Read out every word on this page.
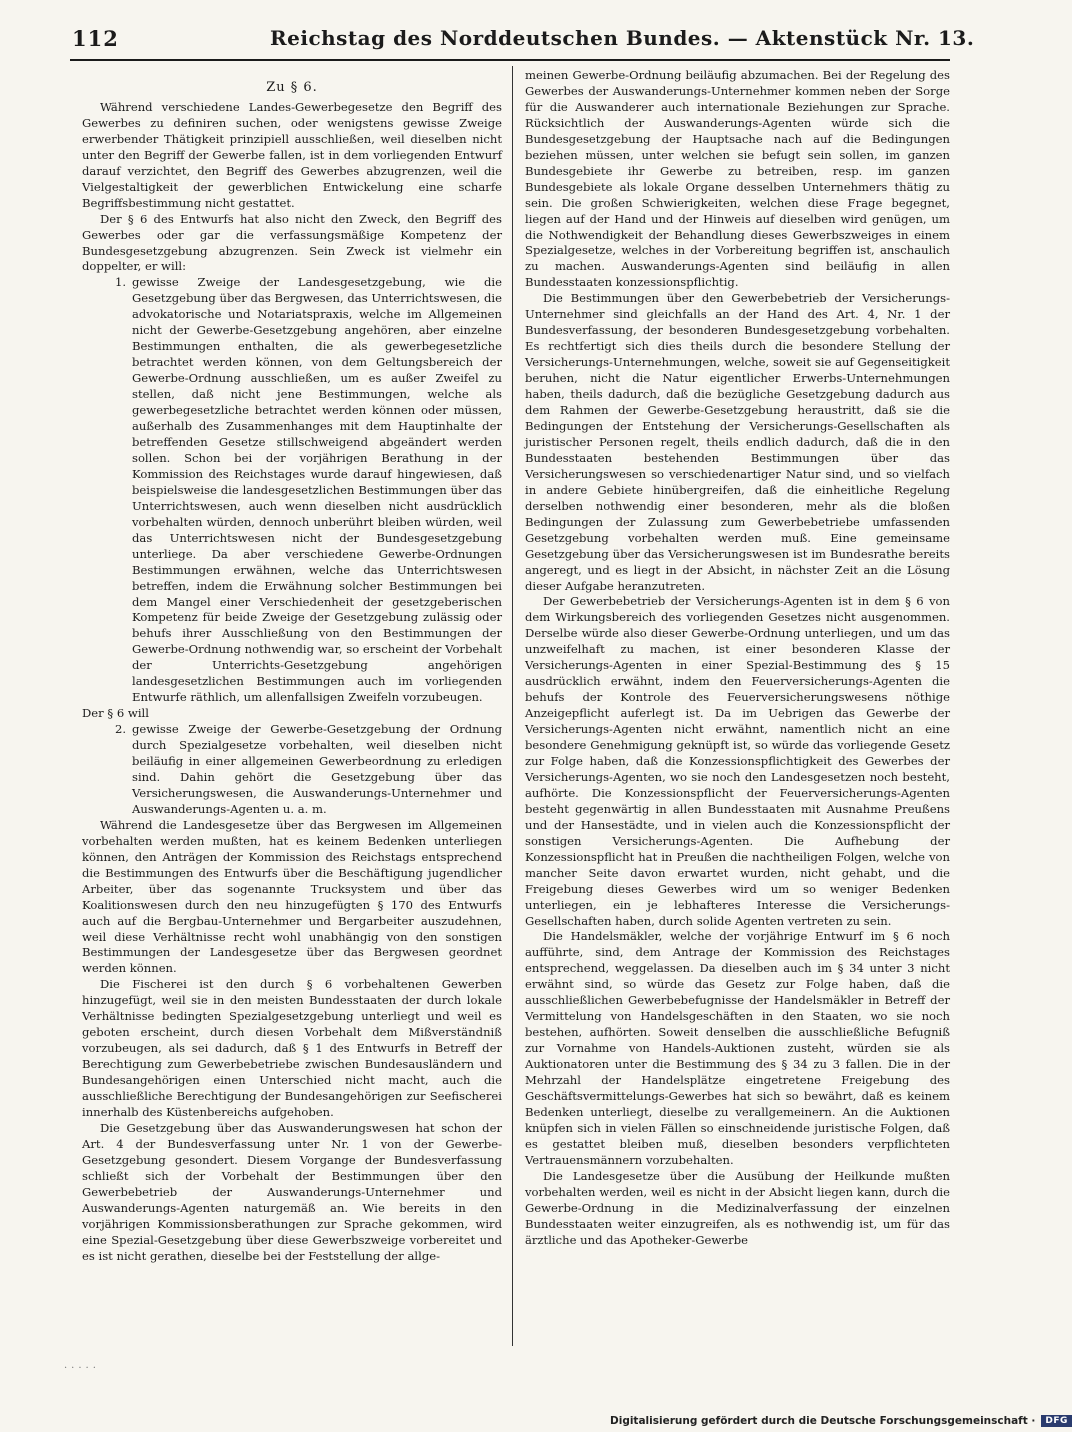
112	Reichstag des Norddeutschen Bundes. — Aktenstück Nr. 13.
Zu § 6.

Während verschiedene Landes-Gewerbegesetze den Begriff des Gewerbes zu definiren suchen, oder wenigstens gewisse Zweige erwerbender Thätigkeit prinzipiell ausschließen, weil dieselben nicht unter den Begriff der Gewerbe fallen, ist in dem vorliegenden Entwurf darauf verzichtet, den Begriff des Gewerbes abzugrenzen, weil die Vielgestaltigkeit der gewerblichen Entwickelung eine scharfe Begriffsbestimmung nicht gestattet.

Der § 6 des Entwurfs hat also nicht den Zweck, den Begriff des Gewerbes oder gar die verfassungsmäßige Kompetenz der Bundesgesetzgebung abzugrenzen. Sein Zweck ist vielmehr ein doppelter, er will:

1. gewisse Zweige der Landesgesetzgebung, wie die Gesetzgebung über das Bergwesen, das Unterrichtswesen, die advokatorische und Notariatspraxis, welche im Allgemeinen nicht der Gewerbe-Gesetzgebung angehören, aber einzelne Bestimmungen enthalten, die als gewerbegesetzliche betrachtet werden können, von dem Geltungsbereich der Gewerbe-Ordnung ausschließen, um es außer Zweifel zu stellen, daß nicht jene Bestimmungen, welche als gewerbegesetzliche betrachtet werden können oder müssen, außerhalb des Zusammenhanges mit dem Hauptinhalte der betreffenden Gesetze stillschweigend abgeändert werden sollen. Schon bei der vorjährigen Berathung in der Kommission des Reichstages wurde darauf hingewiesen, daß beispielsweise die landesgesetzlichen Bestimmungen über das Unterrichtswesen, auch wenn dieselben nicht ausdrücklich vorbehalten würden, dennoch unberührt bleiben würden, weil das Unterrichtswesen nicht der Bundesgesetzgebung unterliege. Da aber verschiedene Gewerbe-Ordnungen Bestimmungen erwähnen, welche das Unterrichtswesen betreffen, indem die Erwähnung solcher Bestimmungen bei dem Mangel einer Verschiedenheit der gesetzgeberischen Kompetenz für beide Zweige der Gesetzgebung zulässig oder behufs ihrer Ausschließung von den Bestimmungen der Gewerbe-Ordnung nothwendig war, so erscheint der Vorbehalt der Unterrichts-Gesetzgebung angehörigen landesgesetzlichen Bestimmungen auch im vorliegenden Entwurfe räthlich, um allenfallsigen Zweifeln vorzubeugen.

Der § 6 will

2. gewisse Zweige der Gewerbe-Gesetzgebung der Ordnung durch Spezialgesetze vorbehalten, weil dieselben nicht beiläufig in einer allgemeinen Gewerbeordnung zu erledigen sind. Dahin gehört die Gesetzgebung über das Versicherungswesen, die Auswanderungs-Unternehmer und Auswanderungs-Agenten u. a. m.

Während die Landesgesetze über das Bergwesen im Allgemeinen vorbehalten werden mußten, hat es keinem Bedenken unterliegen können, den Anträgen der Kommission des Reichstags entsprechend die Bestimmungen des Entwurfs über die Beschäftigung jugendlicher Arbeiter, über das sogenannte Trucksystem und über das Koalitionswesen durch den neu hinzugefügten § 170 des Entwurfs auch auf die Bergbau-Unternehmer und Bergarbeiter auszudehnen, weil diese Verhältnisse recht wohl unabhängig von den sonstigen Bestimmungen der Landesgesetze über das Bergwesen geordnet werden können.

Die Fischerei ist den durch § 6 vorbehaltenen Gewerben hinzugefügt, weil sie in den meisten Bundesstaaten der durch lokale Verhältnisse bedingten Spezialgesetzgebung unterliegt und weil es geboten erscheint, durch diesen Vorbehalt dem Mißverständniß vorzubeugen, als sei dadurch, daß § 1 des Entwurfs in Betreff der Berechtigung zum Gewerbebetriebe zwischen Bundesausländern und Bundesangehörigen einen Unterschied nicht macht, auch die ausschließliche Berechtigung der Bundesangehörigen zur Seefischerei innerhalb des Küstenbereichs aufgehoben.

Die Gesetzgebung über das Auswanderungswesen hat schon der Art. 4 der Bundesverfassung unter Nr. 1 von der Gewerbe-Gesetzgebung gesondert. Diesem Vorgange der Bundesverfassung schließt sich der Vorbehalt der Bestimmungen über den Gewerbebetrieb der Auswanderungs-Unternehmer und Auswanderungs-Agenten naturgemäß an. Wie bereits in den vorjährigen Kommissionsberathungen zur Sprache gekommen, wird eine Spezial-Gesetzgebung über diese Gewerbszweige vorbereitet und es ist nicht gerathen, dieselbe bei der Feststellung der allge-

meinen Gewerbe-Ordnung beiläufig abzumachen. Bei der Regelung des Gewerbes der Auswanderungs-Unternehmer kommen neben der Sorge für die Auswanderer auch internationale Beziehungen zur Sprache. Rücksichtlich der Auswanderungs-Agenten würde sich die Bundesgesetzgebung der Hauptsache nach auf die Bedingungen beziehen müssen, unter welchen sie befugt sein sollen, im ganzen Bundesgebiete ihr Gewerbe zu betreiben, resp. im ganzen Bundesgebiete als lokale Organe desselben Unternehmers thätig zu sein. Die großen Schwierigkeiten, welchen diese Frage begegnet, liegen auf der Hand und der Hinweis auf dieselben wird genügen, um die Nothwendigkeit der Behandlung dieses Gewerbszweiges in einem Spezialgesetze, welches in der Vorbereitung begriffen ist, anschaulich zu machen. Auswanderungs-Agenten sind beiläufig in allen Bundesstaaten konzessionspflichtig.

Die Bestimmungen über den Gewerbebetrieb der Versicherungs-Unternehmer sind gleichfalls an der Hand des Art. 4, Nr. 1 der Bundesverfassung, der besonderen Bundesgesetzgebung vorbehalten. Es rechtfertigt sich dies theils durch die besondere Stellung der Versicherungs-Unternehmungen, welche, soweit sie auf Gegenseitigkeit beruhen, nicht die Natur eigentlicher Erwerbs-Unternehmungen haben, theils dadurch, daß die bezügliche Gesetzgebung dadurch aus dem Rahmen der Gewerbe-Gesetzgebung heraustritt, daß sie die Bedingungen der Entstehung der Versicherungs-Gesellschaften als juristischer Personen regelt, theils endlich dadurch, daß die in den Bundesstaaten bestehenden Bestimmungen über das Versicherungswesen so verschiedenartiger Natur sind, und so vielfach in andere Gebiete hinübergreifen, daß die einheitliche Regelung derselben nothwendig einer besonderen, mehr als die bloßen Bedingungen der Zulassung zum Gewerbebetriebe umfassenden Gesetzgebung vorbehalten werden muß. Eine gemeinsame Gesetzgebung über das Versicherungswesen ist im Bundesrathe bereits angeregt, und es liegt in der Absicht, in nächster Zeit an die Lösung dieser Aufgabe heranzutreten.

Der Gewerbebetrieb der Versicherungs-Agenten ist in dem § 6 von dem Wirkungsbereich des vorliegenden Gesetzes nicht ausgenommen. Derselbe würde also dieser Gewerbe-Ordnung unterliegen, und um das unzweifelhaft zu machen, ist einer besonderen Klasse der Versicherungs-Agenten in einer Spezial-Bestimmung des § 15 ausdrücklich erwähnt, indem den Feuerversicherungs-Agenten die behufs der Kontrole des Feuerversicherungswesens nöthige Anzeigepflicht auferlegt ist. Da im Uebrigen das Gewerbe der Versicherungs-Agenten nicht erwähnt, namentlich nicht an eine besondere Genehmigung geknüpft ist, so würde das vorliegende Gesetz zur Folge haben, daß die Konzessionspflichtigkeit des Gewerbes der Versicherungs-Agenten, wo sie noch den Landesgesetzen noch besteht, aufhörte. Die Konzessionspflicht der Feuerversicherungs-Agenten besteht gegenwärtig in allen Bundesstaaten mit Ausnahme Preußens und der Hansestädte, und in vielen auch die Konzessionspflicht der sonstigen Versicherungs-Agenten. Die Aufhebung der Konzessionspflicht hat in Preußen die nachtheiligen Folgen, welche von mancher Seite davon erwartet wurden, nicht gehabt, und die Freigebung dieses Gewerbes wird um so weniger Bedenken unterliegen, ein je lebhafteres Interesse die Versicherungs-Gesellschaften haben, durch solide Agenten vertreten zu sein.

Die Handelsmäkler, welche der vorjährige Entwurf im § 6 noch aufführte, sind, dem Antrage der Kommission des Reichstages entsprechend, weggelassen. Da dieselben auch im § 34 unter 3 nicht erwähnt sind, so würde das Gesetz zur Folge haben, daß die ausschließlichen Gewerbebefugnisse der Handelsmäkler in Betreff der Vermittelung von Handelsgeschäften in den Staaten, wo sie noch bestehen, aufhörten. Soweit denselben die ausschließliche Befugniß zur Vornahme von Handels-Auktionen zusteht, würden sie als Auktionatoren unter die Bestimmung des § 34 zu 3 fallen. Die in der Mehrzahl der Handelsplätze eingetretene Freigebung des Geschäftsvermittelungs-Gewerbes hat sich so bewährt, daß es keinem Bedenken unterliegt, dieselbe zu verallgemeinern. An die Auktionen knüpfen sich in vielen Fällen so einschneidende juristische Folgen, daß es gestattet bleiben muß, dieselben besonders verpflichteten Vertrauensmännern vorzubehalten.

Die Landesgesetze über die Ausübung der Heilkunde mußten vorbehalten werden, weil es nicht in der Absicht liegen kann, durch die Gewerbe-Ordnung in die Medizinalverfassung der einzelnen Bundesstaaten weiter einzugreifen, als es nothwendig ist, um für das ärztliche und das Apotheker-Gewerbe

.....
Digitalisierung gefördert durch die Deutsche Forschungsgemeinschaft ·	DFG
